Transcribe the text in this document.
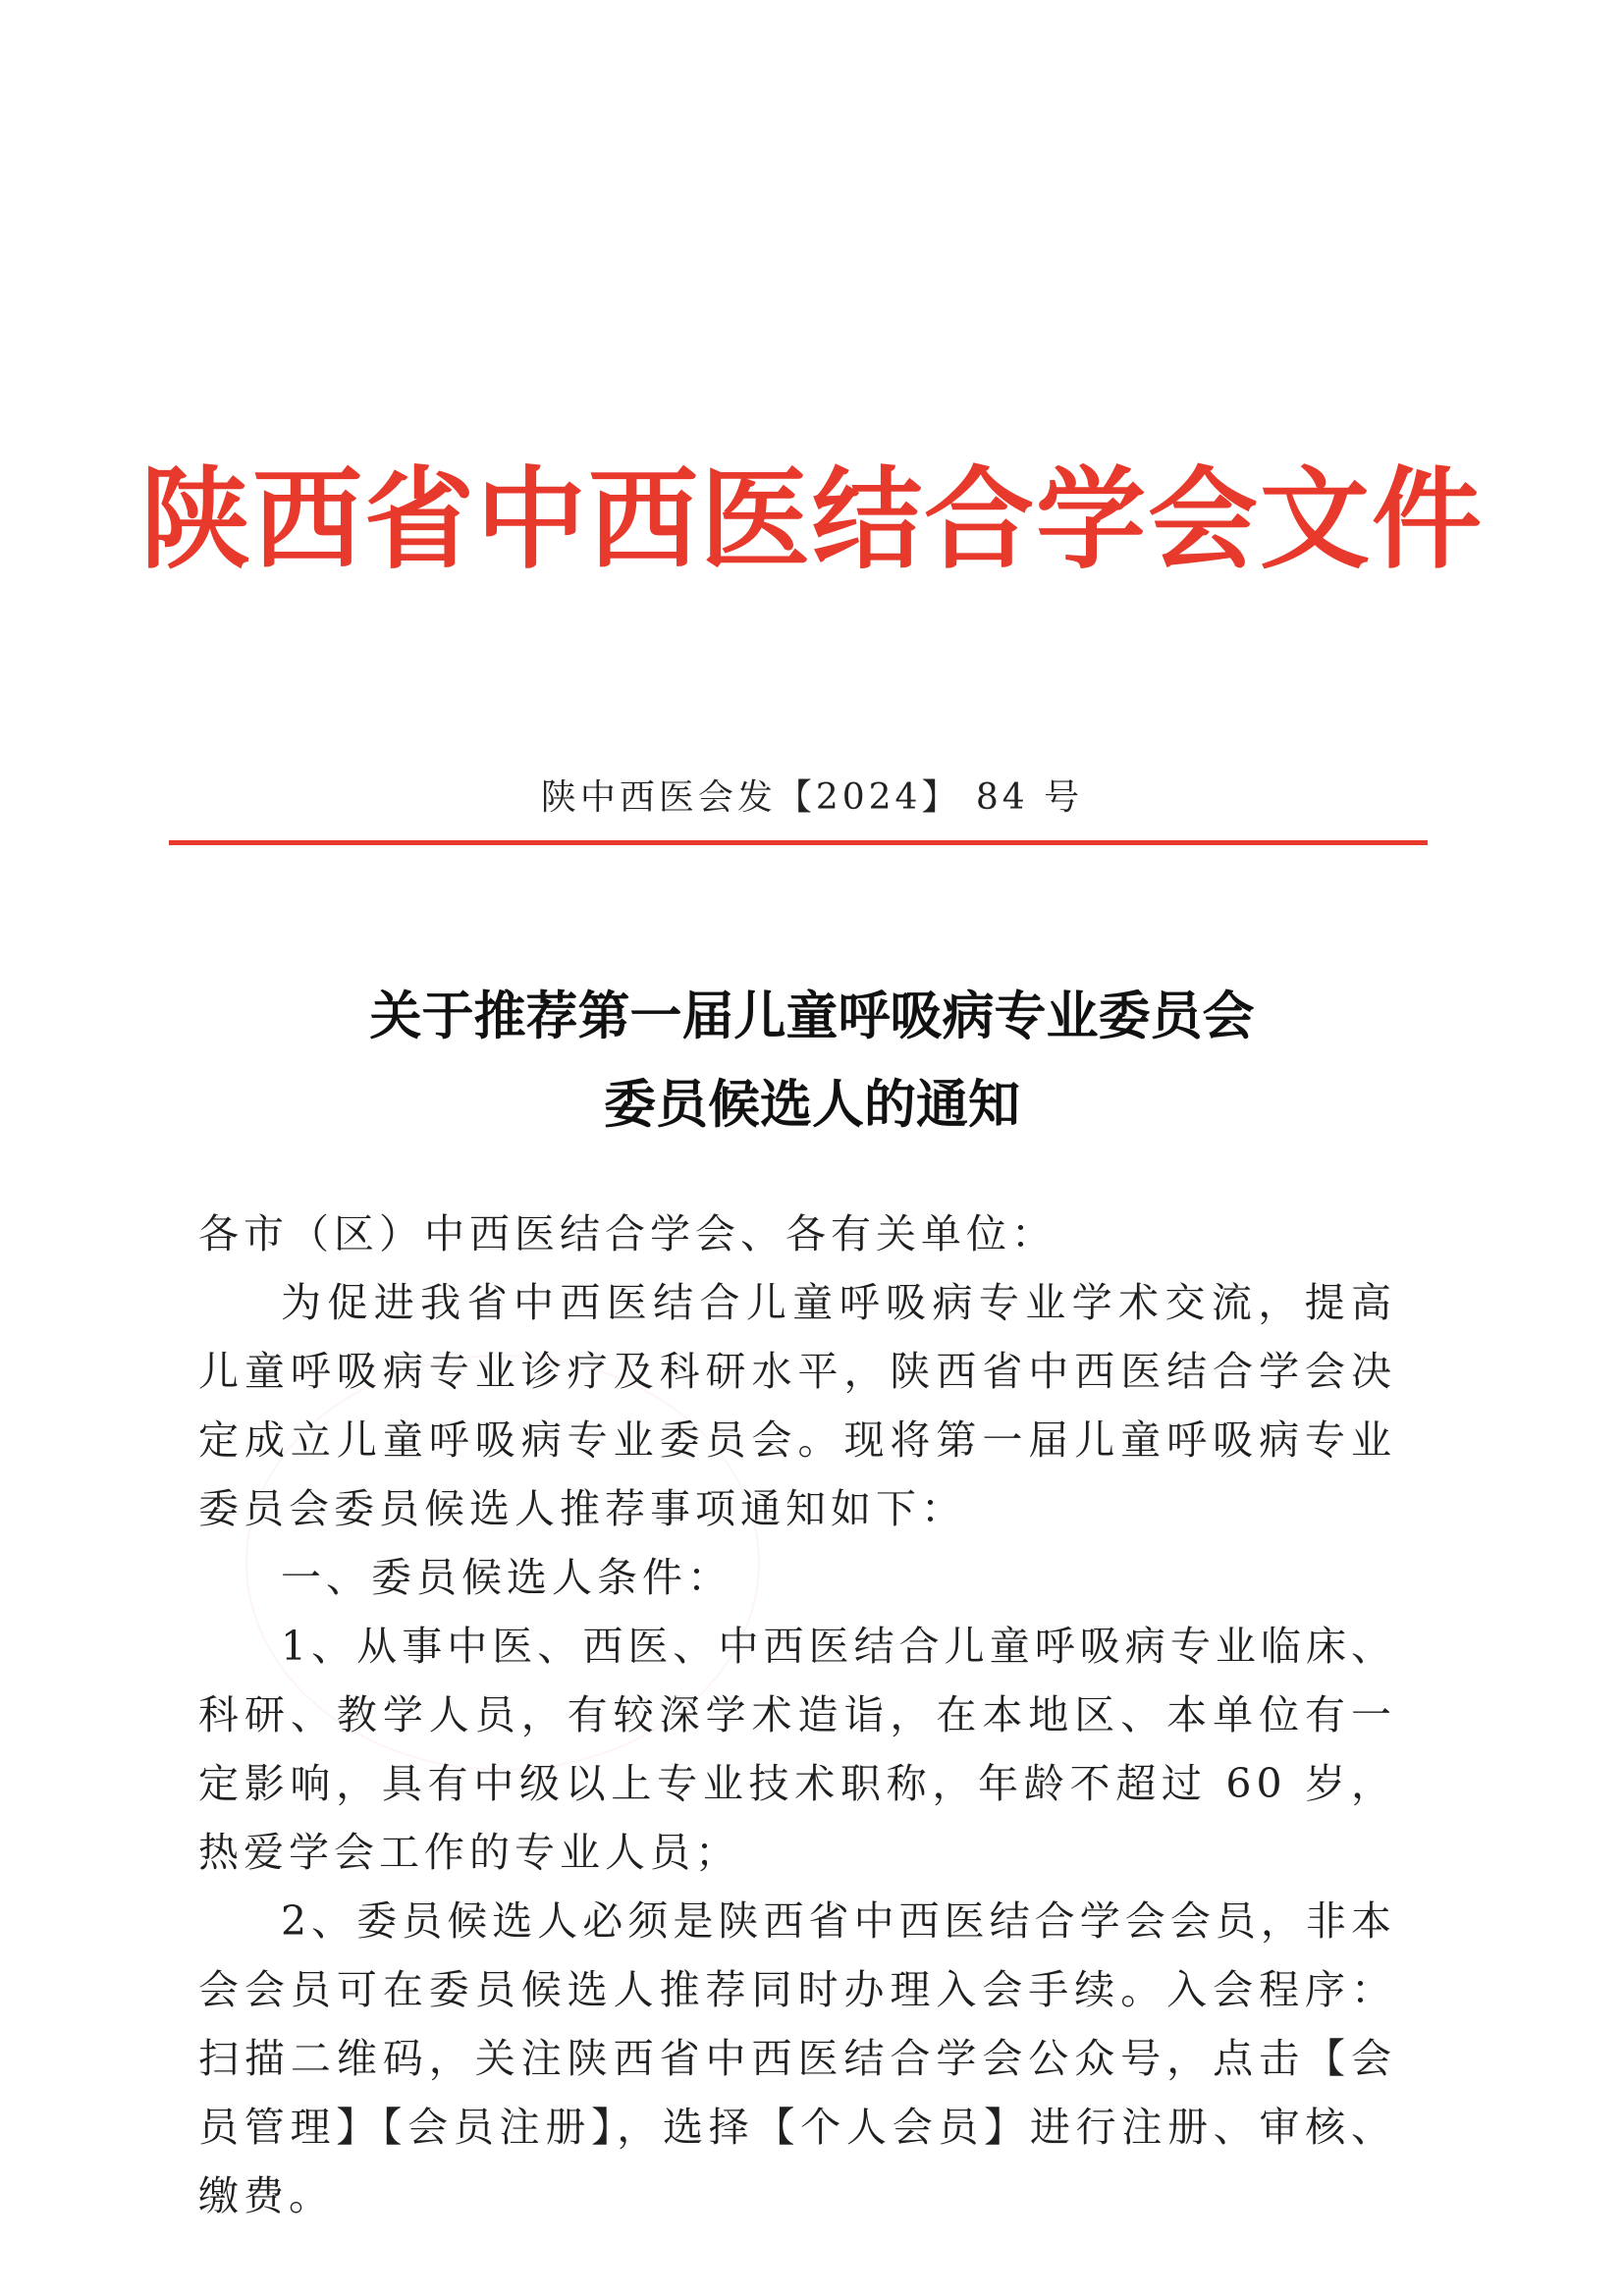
陕西省中西医结合学会文件
陕中西医会发【2024】 84 号
关于推荐第一届儿童呼吸病专业委员会
委员候选人的通知

各市（区）中西医结合学会、各有关单位：

为促进我省中西医结合儿童呼吸病专业学术交流，提高儿童呼吸病专业诊疗及科研水平，陕西省中西医结合学会决定成立儿童呼吸病专业委员会。现将第一届儿童呼吸病专业委员会委员候选人推荐事项通知如下：

一、委员候选人条件：

1、从事中医、西医、中西医结合儿童呼吸病专业临床、科研、教学人员，有较深学术造诣，在本地区、本单位有一定影响，具有中级以上专业技术职称，年龄不超过 60 岁，热爱学会工作的专业人员；

2、委员候选人必须是陕西省中西医结合学会会员，非本会会员可在委员候选人推荐同时办理入会手续。入会程序：扫描二维码，关注陕西省中西医结合学会公众号，点击【会员管理】【会员注册】，选择【个人会员】进行注册、审核、缴费。
